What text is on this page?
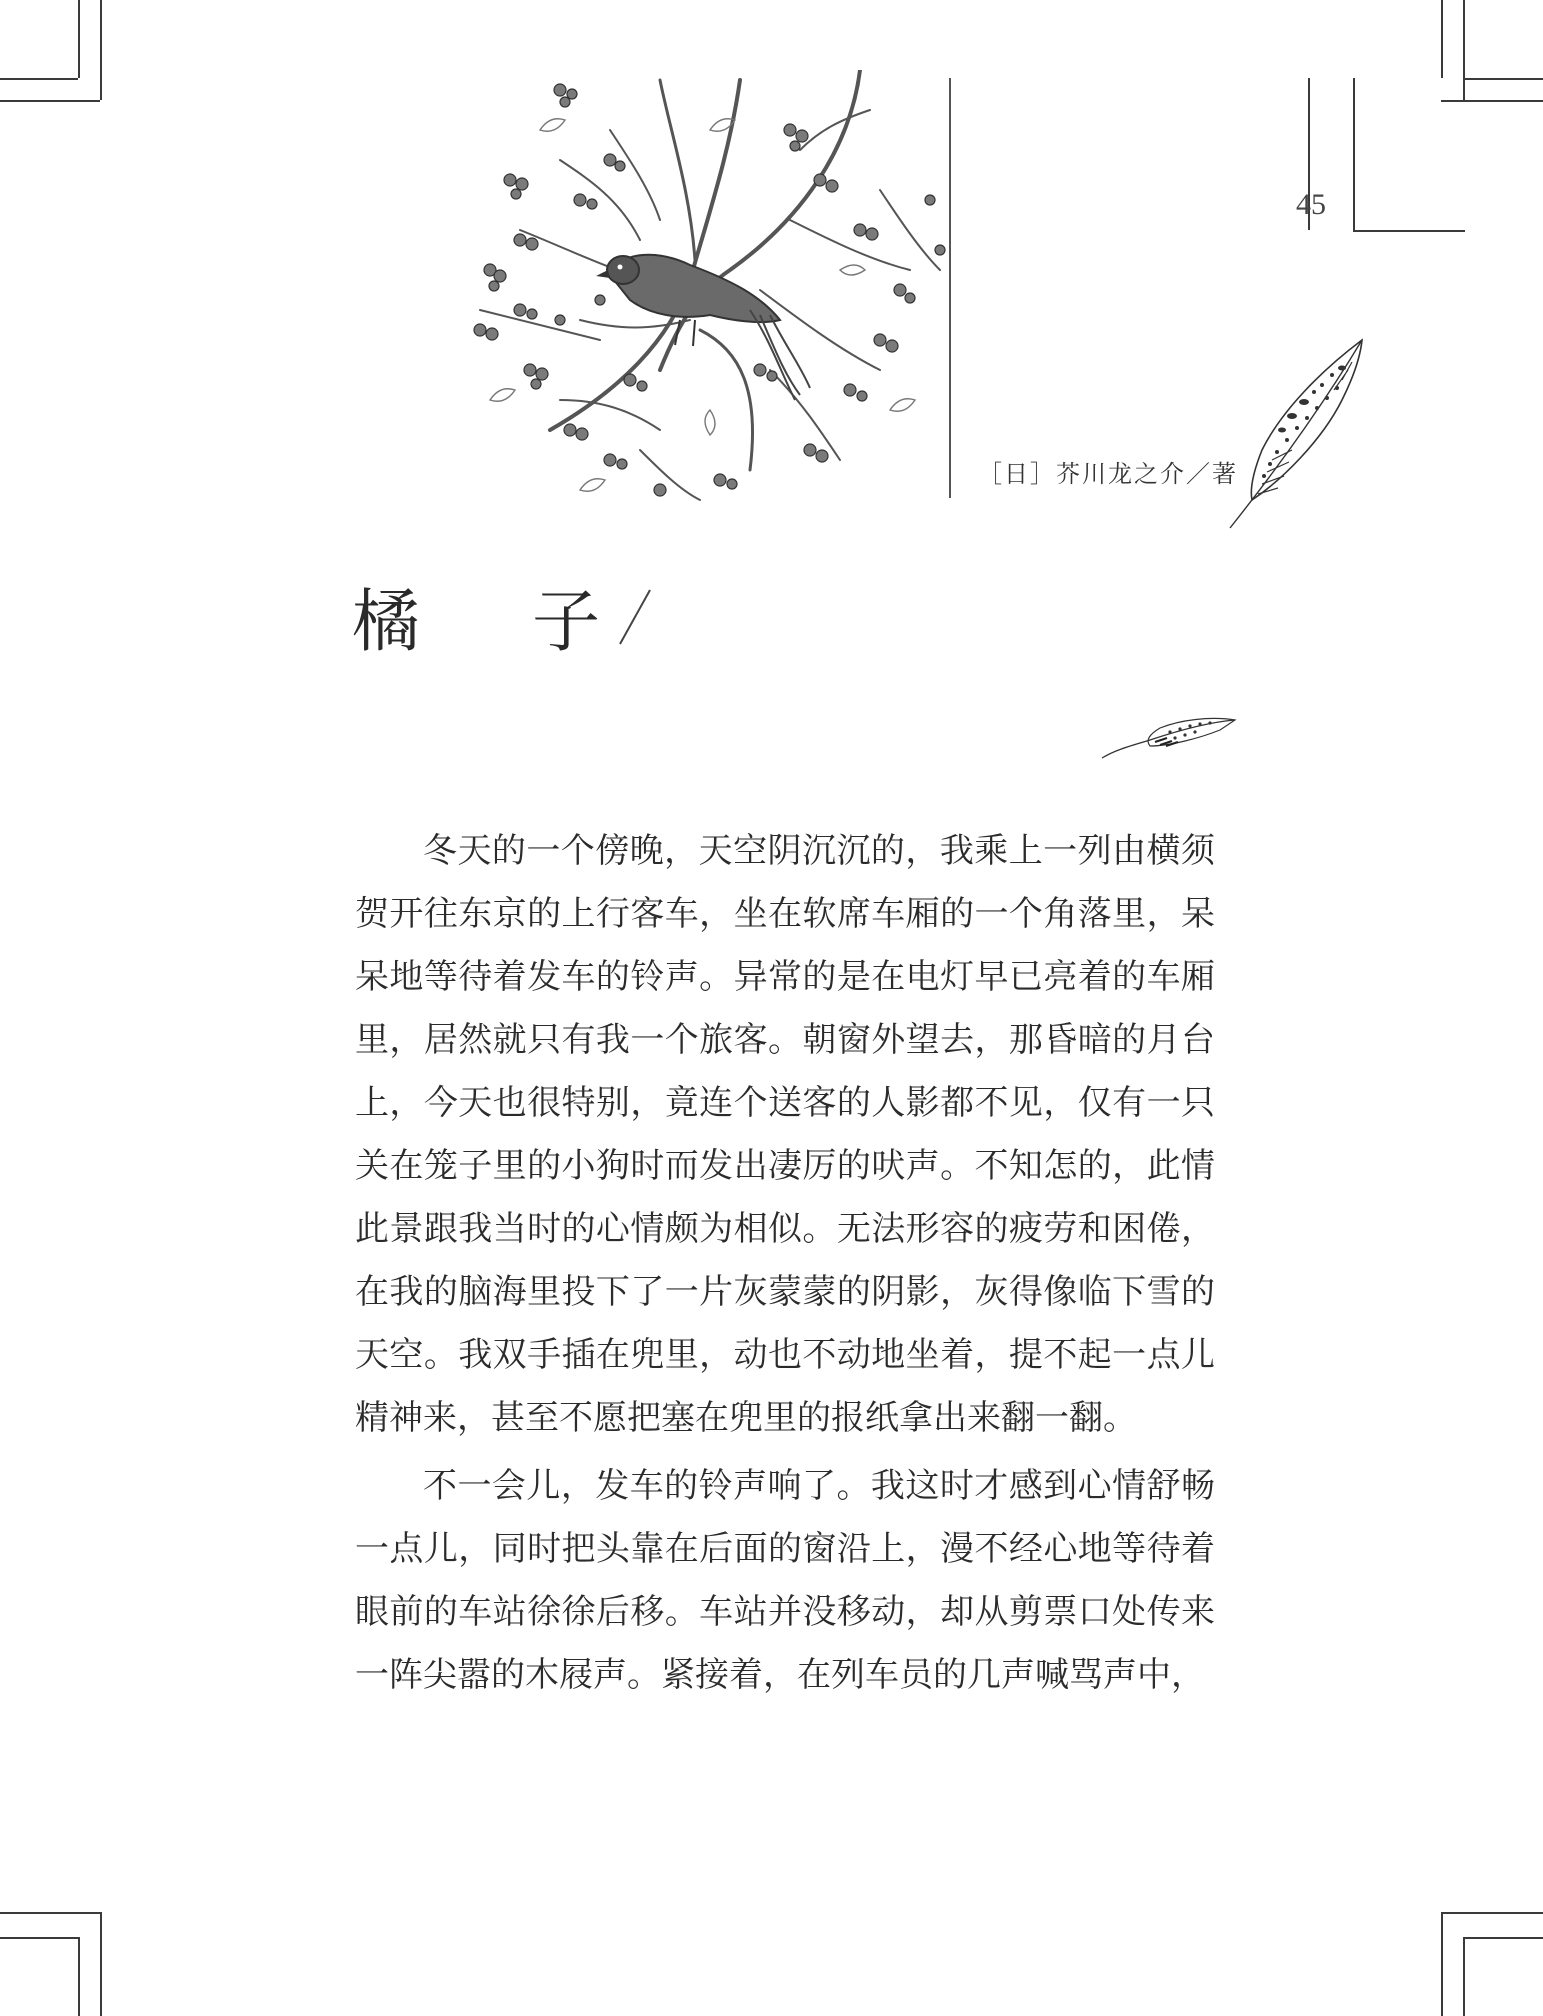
45
［日］芥川龙之介／著
橘 子

冬天的一个傍晚，天空阴沉沉的，我乘上一列由横须贺开往东京的上行客车，坐在软席车厢的一个角落里，呆呆地等待着发车的铃声。异常的是在电灯早已亮着的车厢里，居然就只有我一个旅客。朝窗外望去，那昏暗的月台上，今天也很特别，竟连个送客的人影都不见，仅有一只关在笼子里的小狗时而发出凄厉的吠声。不知怎的，此情此景跟我当时的心情颇为相似。无法形容的疲劳和困倦，在我的脑海里投下了一片灰蒙蒙的阴影，灰得像临下雪的天空。我双手插在兜里，动也不动地坐着，提不起一点儿精神来，甚至不愿把塞在兜里的报纸拿出来翻一翻。

不一会儿，发车的铃声响了。我这时才感到心情舒畅一点儿，同时把头靠在后面的窗沿上，漫不经心地等待着眼前的车站徐徐后移。车站并没移动，却从剪票口处传来一阵尖嚣的木屐声。紧接着，在列车员的几声喊骂声中，
